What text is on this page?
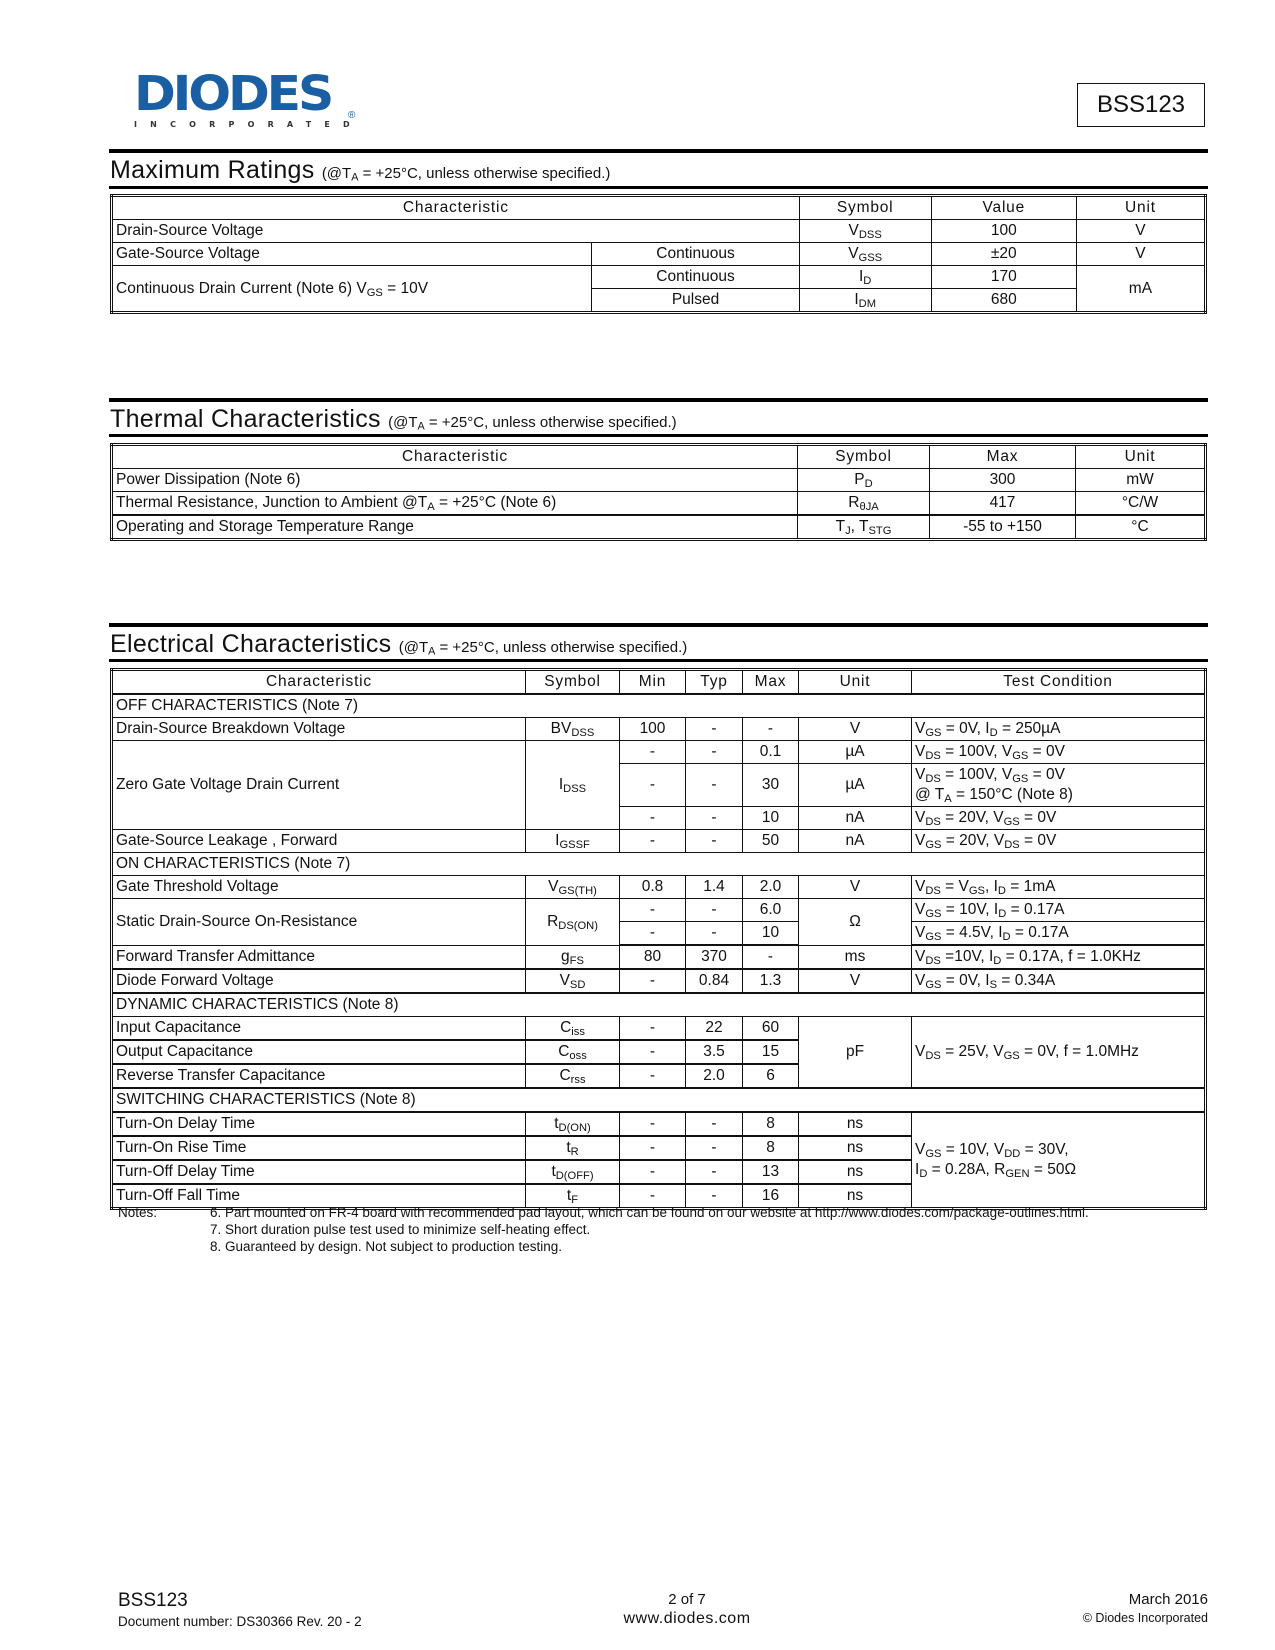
DIODES
INCORPORATED
®	BSS123
Maximum Ratings ($@T_A = +25^\circ C$, unless otherwise specified.)
Characteristic		Symbol	Value	Unit
Drain-Source Voltage		$V_{DSS}$	100	V
Gate-Source Voltage	Continuous	$V_{GSS}$	±20	V
Continuous Drain Current (Note 6) $V_{GS} = 10V$	Continuous	$I_D$	170	mA
	Pulsed	$I_{DM}$	680	
Thermal Characteristics ($@T_A = +25^\circ C$, unless otherwise specified.)
Characteristic	Symbol	Max	Unit
Power Dissipation (Note 6)	$P_D$	300	mW
Thermal Resistance, Junction to Ambient $@T_A = +25^\circ C$ (Note 6)	$R_{\theta JA}$	417	°C/W
Operating and Storage Temperature Range	$T_J$, $T_{STG}$	-55 to +150	°C
Electrical Characteristics ($@T_A = +25^\circ C$, unless otherwise specified.)
Characteristic	Symbol	Min	Typ	Max	Unit	Test Condition
OFF CHARACTERISTICS (Note 7)						
Drain-Source Breakdown Voltage	$BV_{DSS}$	100	-	-	V	$V_{GS} = 0V$, $I_D = 250\mu A$
Zero Gate Voltage Drain Current	$I_{DSS}$	-	-	0.1	µA	$V_{DS} = 100V$, $V_{GS} = 0V$
		-	-	30	µA	$V_{DS} = 100V$, $V_{GS} = 0V$
@ $T_A = 150^\circ C$ (Note 8)
		-	-	10	nA	$V_{DS} = 20V$, $V_{GS} = 0V$
Gate-Source Leakage , Forward	$I_{GSSF}$	-	-	50	nA	$V_{GS} = 20V$, $V_{DS} = 0V$
ON CHARACTERISTICS (Note 7)						
Gate Threshold Voltage	$V_{GS(TH)}$	0.8	1.4	2.0	V	$V_{DS} = V_{GS}$, $I_D = 1mA$
Static Drain-Source On-Resistance	$R_{DS(ON)}$	-	-	6.0	Ω	$V_{GS} = 10V$, $I_D = 0.17A$
		-	-	10		$V_{GS} = 4.5V$, $I_D = 0.17A$
Forward Transfer Admittance	$g_{FS}$	80	370	-	ms	$V_{DS} =10V$, $I_D = 0.17A$, f = 1.0KHz
Diode Forward Voltage	$V_{SD}$	-	0.84	1.3	V	$V_{GS} = 0V$, $I_S = 0.34A$
DYNAMIC CHARACTERISTICS (Note 8)						
Input Capacitance	$C_{iss}$	-	22	60	pF	$V_{DS} = 25V$, $V_{GS} = 0V$, f = 1.0MHz
Output Capacitance	$C_{oss}$	-	3.5	15		
Reverse Transfer Capacitance	$C_{rss}$	-	2.0	6		
SWITCHING CHARACTERISTICS (Note 8)						
Turn-On Delay Time	$t_{D(ON)}$	-	-	8	ns	$V_{GS} = 10V$, $V_{DD} = 30V$,
$I_D = 0.28A$, $R_{GEN} = 50\Omega$
Turn-On Rise Time	$t_R$	-	-	8	ns	
Turn-Off Delay Time	$t_{D(OFF)}$	-	-	13	ns	
Turn-Off Fall Time	$t_F$	-	-	16	ns	
Notes:	6. Part mounted on FR-4 board with recommended pad layout, which can be found on our website at http://www.diodes.com/package-outlines.html.
7. Short duration pulse test used to minimize self-heating effect.
8. Guaranteed by design. Not subject to production testing.
BSS123
Document number: DS30366 Rev. 20 - 2
2 of 7
www.diodes.com
March 2016
© Diodes Incorporated
